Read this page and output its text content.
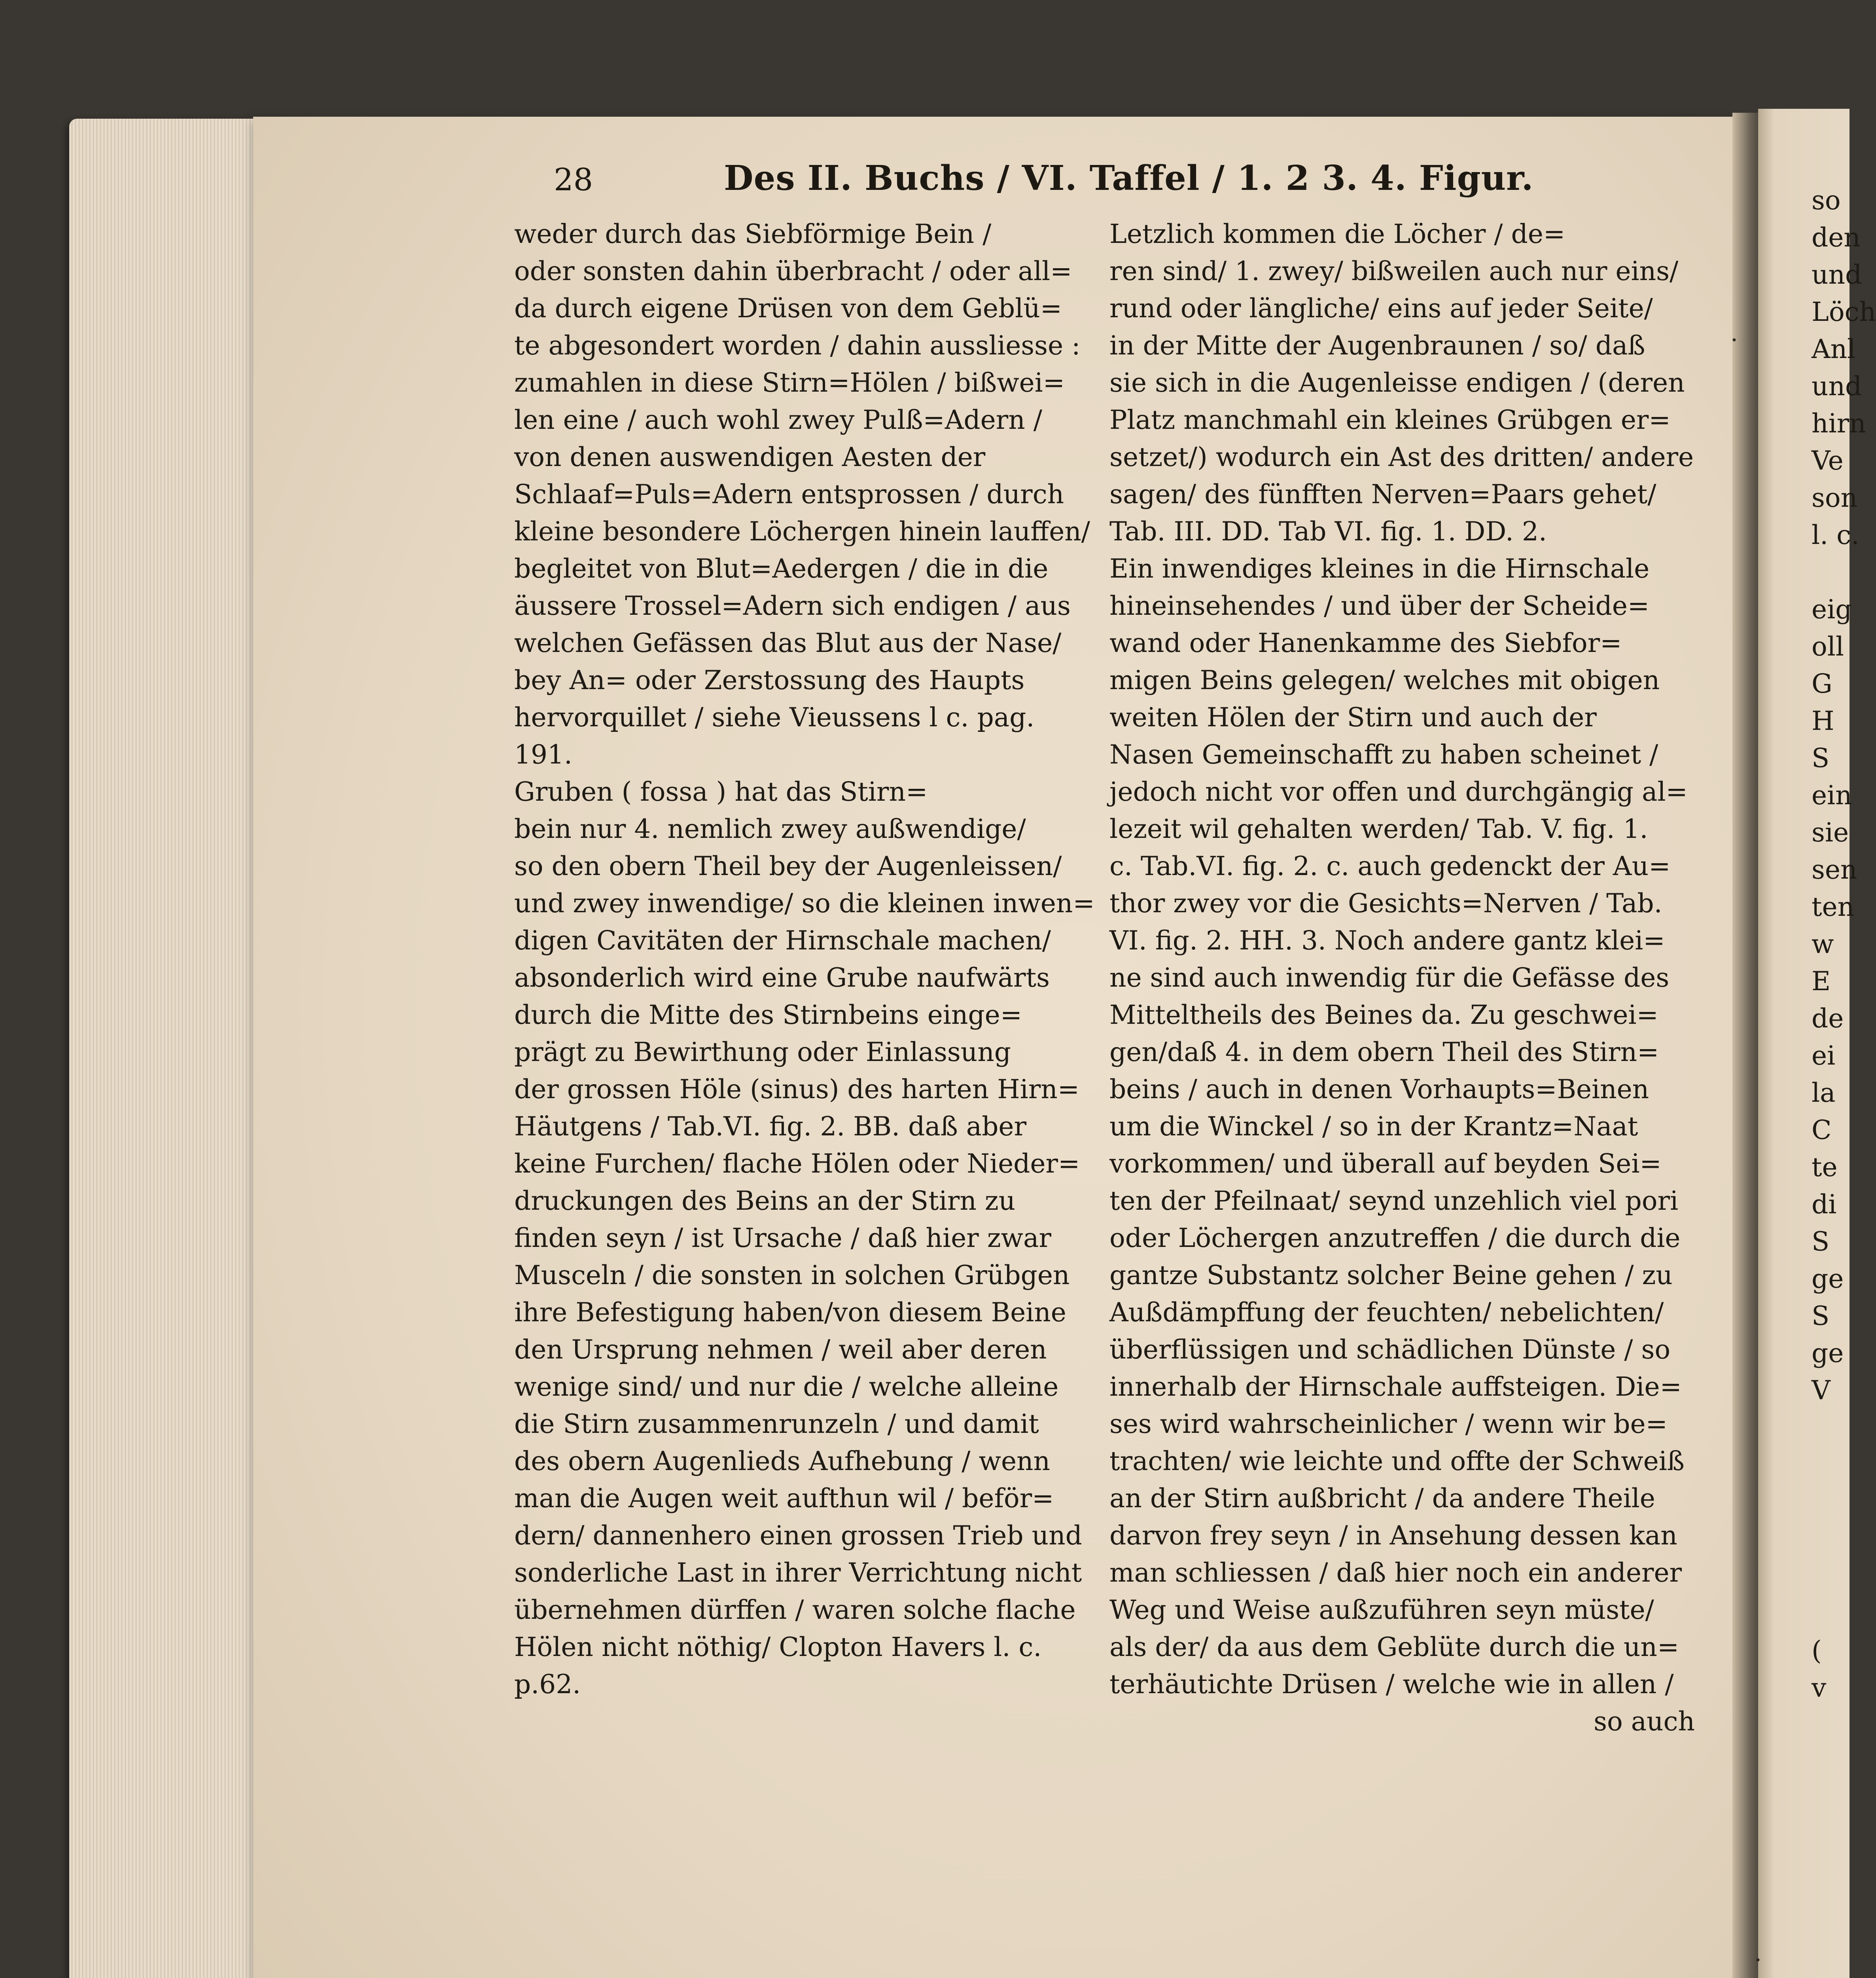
28	Des II. Buchs / VI. Taffel / 1. 2 3. 4. Figur.
weder durch das Siebförmige Bein /
oder sonsten dahin überbracht / oder all=
da durch eigene Drüsen von dem Geblü=
te abgesondert worden / dahin aussliesse :
zumahlen in diese Stirn=Hölen / bißwei=
len eine / auch wohl zwey Pulß=Adern /
von denen auswendigen Aesten der
Schlaaf=Puls=Adern entsprossen / durch
kleine besondere Löchergen hinein lauffen/
begleitet von Blut=Aedergen / die in die
äussere Trossel=Adern sich endigen / aus
welchen Gefässen das Blut aus der Nase/
bey An= oder Zerstossung des Haupts
hervorquillet / siehe Vieussens l c. pag.
191.
Gruben ( fossa ) hat das Stirn=
bein nur 4. nemlich zwey außwendige/
so den obern Theil bey der Augenleissen/
und zwey inwendige/ so die kleinen inwen=
digen Cavitäten der Hirnschale machen/
absonderlich wird eine Grube naufwärts
durch die Mitte des Stirnbeins einge=
prägt zu Bewirthung oder Einlassung
der grossen Höle (sinus) des harten Hirn=
Häutgens / Tab.VI. fig. 2. BB. daß aber
keine Furchen/ flache Hölen oder Nieder=
druckungen des Beins an der Stirn zu
finden seyn / ist Ursache / daß hier zwar
Musceln / die sonsten in solchen Grübgen
ihre Befestigung haben/von diesem Beine
den Ursprung nehmen / weil aber deren
wenige sind/ und nur die / welche alleine
die Stirn zusammenrunzeln / und damit
des obern Augenlieds Aufhebung / wenn
man die Augen weit aufthun wil / beför=
dern/ dannenhero einen grossen Trieb und
sonderliche Last in ihrer Verrichtung nicht
übernehmen dürffen / waren solche flache
Hölen nicht nöthig/ Clopton Havers l. c.
p.62.
Letzlich kommen die Löcher / de=
ren sind/ 1. zwey/ bißweilen auch nur eins/
rund oder längliche/ eins auf jeder Seite/
in der Mitte der Augenbraunen / so/ daß
sie sich in die Augenleisse endigen / (deren
Platz manchmahl ein kleines Grübgen er=
setzet/) wodurch ein Ast des dritten/ andere
sagen/ des fünfften Nerven=Paars gehet/
Tab. III. DD. Tab VI. fig. 1. DD. 2.
Ein inwendiges kleines in die Hirnschale
hineinsehendes / und über der Scheide=
wand oder Hanenkamme des Siebfor=
migen Beins gelegen/ welches mit obigen
weiten Hölen der Stirn und auch der
Nasen Gemeinschafft zu haben scheinet /
jedoch nicht vor offen und durchgängig al=
lezeit wil gehalten werden/ Tab. V. fig. 1.
c. Tab.VI. fig. 2. c. auch gedenckt der Au=
thor zwey vor die Gesichts=Nerven / Tab.
VI. fig. 2. HH. 3. Noch andere gantz klei=
ne sind auch inwendig für die Gefässe des
Mitteltheils des Beines da. Zu geschwei=
gen/daß 4. in dem obern Theil des Stirn=
beins / auch in denen Vorhaupts=Beinen
um die Winckel / so in der Krantz=Naat
vorkommen/ und überall auf beyden Sei=
ten der Pfeilnaat/ seynd unzehlich viel pori
oder Löchergen anzutreffen / die durch die
gantze Substantz solcher Beine gehen / zu
Außdämpffung der feuchten/ nebelichten/
überflüssigen und schädlichen Dünste / so
innerhalb der Hirnschale auffsteigen. Die=
ses wird wahrscheinlicher / wenn wir be=
trachten/ wie leichte und offte der Schweiß
an der Stirn außbricht / da andere Theile
darvon frey seyn / in Ansehung dessen kan
man schliessen / daß hier noch ein anderer
Weg und Weise außzuführen seyn müste/
als der/ da aus dem Geblüte durch die un=
terhäutichte Drüsen / welche wie in allen /
so auch
so
den
und
Löch
Anl
und
hirn
Ve
son
l. c.
eig
oll
G
H
S
ein
sie
sen
ten
w
E
de
ei
la
C
te
di
S
ge
S
ge
V
(
v
·
·
